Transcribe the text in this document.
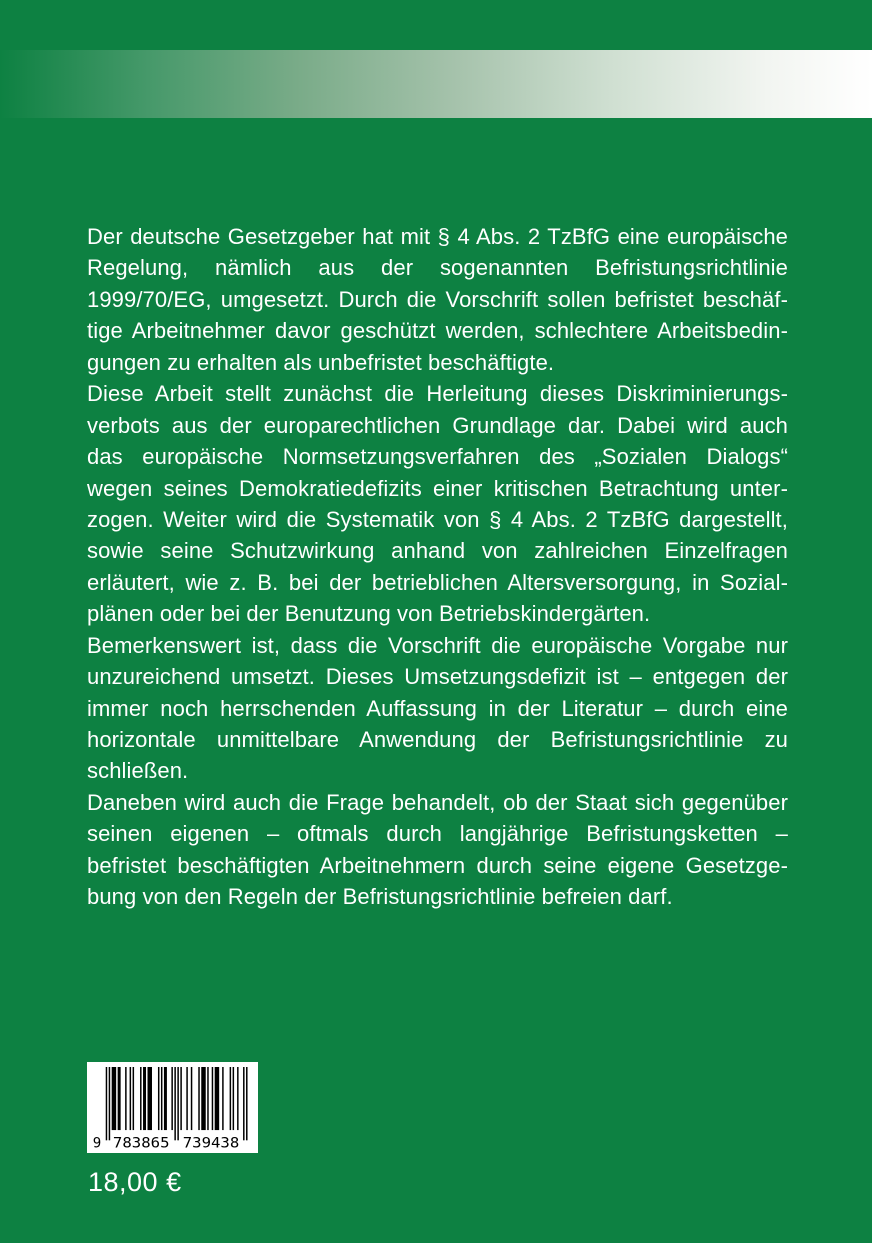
Der deutsche Gesetzgeber hat mit § 4 Abs. 2 TzBfG eine europäische
Regelung, nämlich aus der sogenannten Befristungsrichtlinie
1999/70/EG, umgesetzt. Durch die Vorschrift sollen befristet beschäf-
tige Arbeitnehmer davor geschützt werden, schlechtere Arbeitsbedin-
gungen zu erhalten als unbefristet beschäftigte.
Diese Arbeit stellt zunächst die Herleitung dieses Diskriminierungs-
verbots aus der europarechtlichen Grundlage dar. Dabei wird auch
das europäische Normsetzungsverfahren des „Sozialen Dialogs“
wegen seines Demokratiedefizits einer kritischen Betrachtung unter-
zogen. Weiter wird die Systematik von § 4 Abs. 2 TzBfG dargestellt,
sowie seine Schutzwirkung anhand von zahlreichen Einzelfragen
erläutert, wie z. B. bei der betrieblichen Altersversorgung, in Sozial-
plänen oder bei der Benutzung von Betriebskindergärten.
Bemerkenswert ist, dass die Vorschrift die europäische Vorgabe nur
unzureichend umsetzt. Dieses Umsetzungsdefizit ist – entgegen der
immer noch herrschenden Auffassung in der Literatur – durch eine
horizontale unmittelbare Anwendung der Befristungsrichtlinie zu
schließen.
Daneben wird auch die Frage behandelt, ob der Staat sich gegenüber
seinen eigenen – oftmals durch langjährige Befristungsketten –
befristet beschäftigten Arbeitnehmern durch seine eigene Gesetzge-
bung von den Regeln der Befristungsrichtlinie befreien darf.
9 783865 739438
18,00 €
